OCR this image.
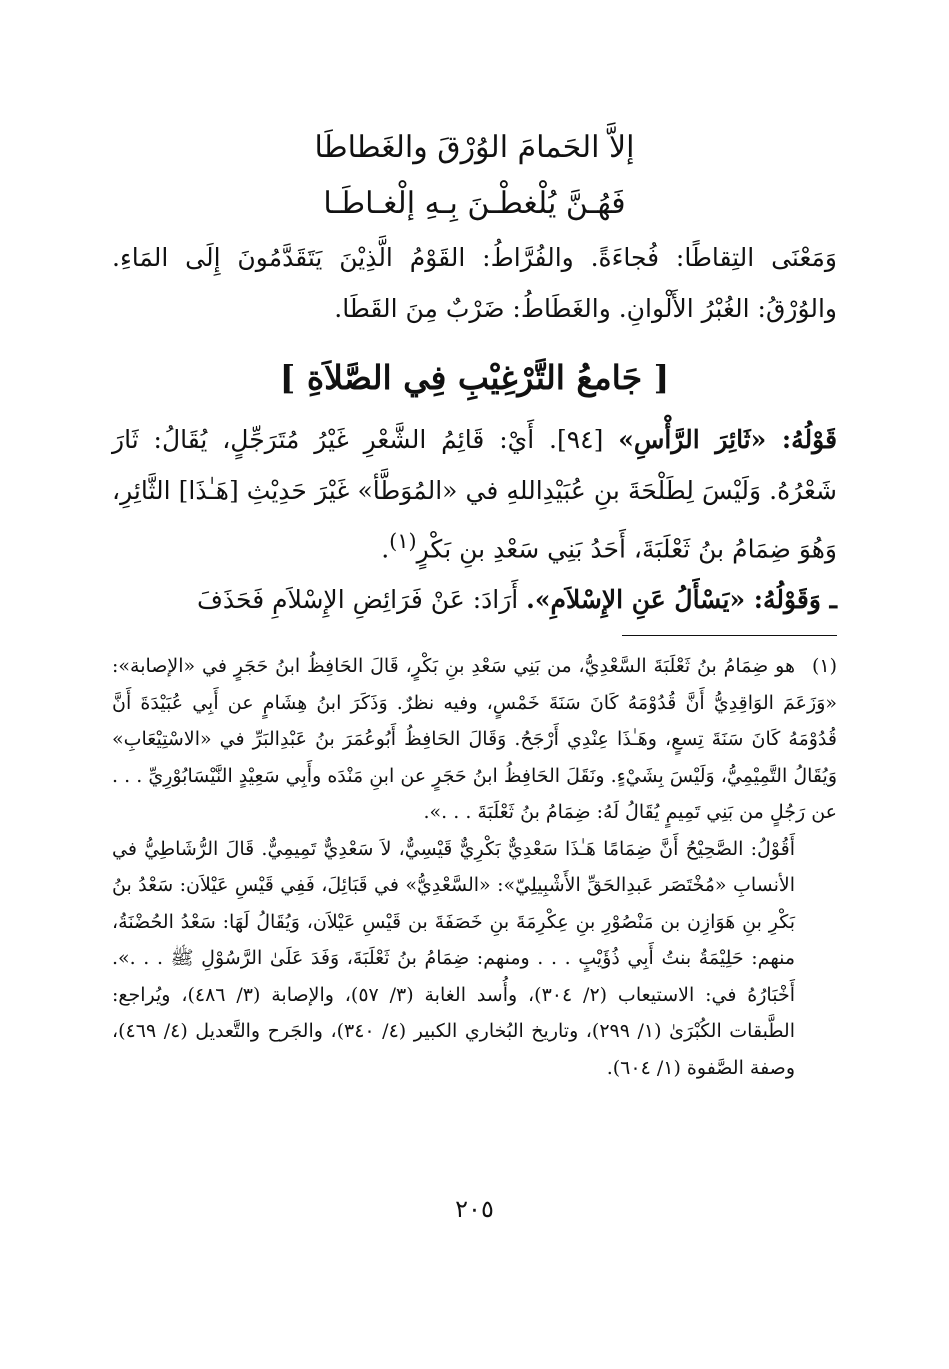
إلاَّ الحَمامَ الوُرْقَ والغَطاطَا
فَهُـنَّ يُلْغطْـنَ بِـهِ إلْغـاطَـا

وَمَعْنَى التِقاطًا: فُجاءَةً. والفُرَّاطُ: القَوْمُ الَّذِيْنَ يَتَقَدَّمُونَ إِلَى المَاءِ. والوُرْقُ: الغُبْرُ الأَلْوانِ. والغَطَاطُ: ضَرْبٌ مِنَ القَطَا.

[ جَامعُ التَّرْغِيْبِ فِي الصَّلاَةِ ]

قَوْلُهُ: «ثَائِرَ الرَّأْسِ» [٩٤]. أَيْ: قَائِمُ الشَّعْرِ غَيْرُ مُتَرَجِّلٍ، يُقَالُ: ثَارَ شَعْرُهُ. وَلَيْسَ لِطَلْحَةَ بنِ عُبَيْدِاللهِ في «المُوَطَّأ» غَيْرَ حَدِيْثِ [هَـٰذَا] الثَّائِرِ، وَهُوَ ضِمَامُ بنُ ثَعْلَبَةَ، أَحَدُ بَنِي سَعْدِ بنِ بَكْرٍ$^{(١)}$.

ـ وَقَوْلُهُ: «يَسْأَلُ عَنِ الإِسْلاَمِ». أَرَادَ: عَنْ فَرَائِضِ الإِسْلاَمِ فَحَذَفَ

(١)هو ضِمَامُ بنُ ثَعْلَبَةَ السَّعْدِيُّ، من بَنِي سَعْدِ بنِ بَكْرٍ، قَالَ الحَافِظُ ابنُ حَجَرٍ في «الإصابة»: «وَزَعَمَ الوَاقِدِيُّ أَنَّ قُدُوْمَهُ كَانَ سَنَةَ خَمْسٍ، وفيه نظرٌ. وَذَكَرَ ابنُ هِشَامٍ عن أَبِي عُبَيْدَةَ أَنَّ قُدُوْمَهُ كَانَ سَنَةَ تِسعٍ، وهَـٰذَا عِنْدِي أَرْجَحُ. وَقَالَ الحَافِظُ أَبُوعُمَرَ بنُ عَبْدِالبَرِّ في «الاسْتِيْعَابِ» وَيُقَالُ التَّمِيْمِيُّ، وَلَيْسَ بِشَيْءٍ. ونَقَلَ الحَافِظُ ابنُ حَجَرٍ عن ابنِ مَنْدَه وأَبِي سَعِيْدٍ النَّيْسَابُوْرِيِّ . . . عن رَجُلٍ من بَنِي تَمِيمٍ يُقَالُ لَهُ: ضِمَامُ بنُ ثَعْلَبَةَ . . .».

أَقُوْلُ: الصَّحِيْحُ أَنَّ ضِمَامًا هَـٰذَا سَعْدِيٌّ بَكْرِيٌّ قَيْسِيٌّ، لاَ سَعْدِيٌّ تَمِيمِيٌّ. قَالَ الرُّشَاطِيُّ في الأنسابِ «مُخْتَصَر عَبدِالحَقِّ الأَشْبِيلِيّ»: «السَّعْدِيُّ» في قَبَائِلَ، فَفِي قَيْسِ عَيْلاَن: سَعْدُ بنُ بَكْرِ بنِ هَوَازِن بن مَنْصُوْرِ بنِ عِكْرِمَةَ بنِ خَصَفَةَ بن قَيْسِ عَيْلاَن، وَيُقَالُ لَهَا: سَعْدُ الحُضْنَةُ، منهم: حَلِيْمَةُ بنتُ أَبِي ذُؤَيْبٍ . . . ومنهم: ضِمَامُ بنُ ثَعْلَبَةَ، وَفَدَ عَلَىٰ الرَّسُوْلِ ﷺ . . .». أَخْبَارُهُ في: الاستيعاب (٢/ ٣٠٤)، وأُسد الغابة (٣/ ٥٧)، والإصابة (٣/ ٤٨٦)، ويُراجع: الطَّبقات الكُبْرَىٰ (١/ ٢٩٩)، وتاريخ البُخاري الكبير (٤/ ٣٤٠)، والجَرح والتَّعديل (٤/ ٤٦٩)، وصفة الصَّفوة (١/ ٦٠٤).

٢٠٥
